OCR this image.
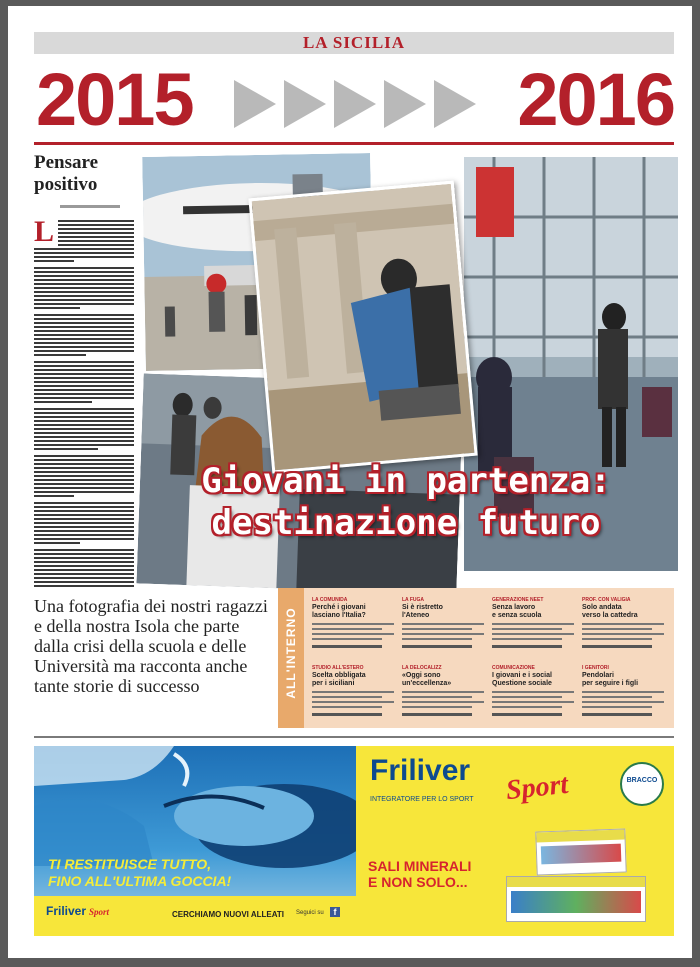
LA SICILIA
2015	2016
Pensare
positivo
L
Giovani in partenza:
destinazione futuro
Una fotografia dei nostri ragazzi e della nostra Isola che parte dalla crisi della scuola e delle Università ma racconta anche tante storie di successo	ALL'INTERNO
LA COMUNIDA
Perché i giovani
lasciano l'Italia?
LA FUGA
Si è ristretto
l'Ateneo
GENERAZIONE NEET
Senza lavoro
e senza scuola
PROF. CON VALIGIA
Solo andata
verso la cattedra
STUDIO ALL'ESTERO
Scelta obbligata
per i siciliani
LA DELOCALIZZ
«Oggi sono
un'eccellenza»
COMUNICAZIONE
I giovani e i social
Questione sociale
I GENITORI
Pendolari
per seguire i figli
TI RESTITUISCE TUTTO,
FINO ALL'ULTIMA GOCCIA!
Friliver Sport	CERCHIAMO NUOVI ALLEATI Seguici su	f
Friliver Sport
INTEGRATORE PER LO SPORT
BRACCO
SALI MINERALI
E NON SOLO...
